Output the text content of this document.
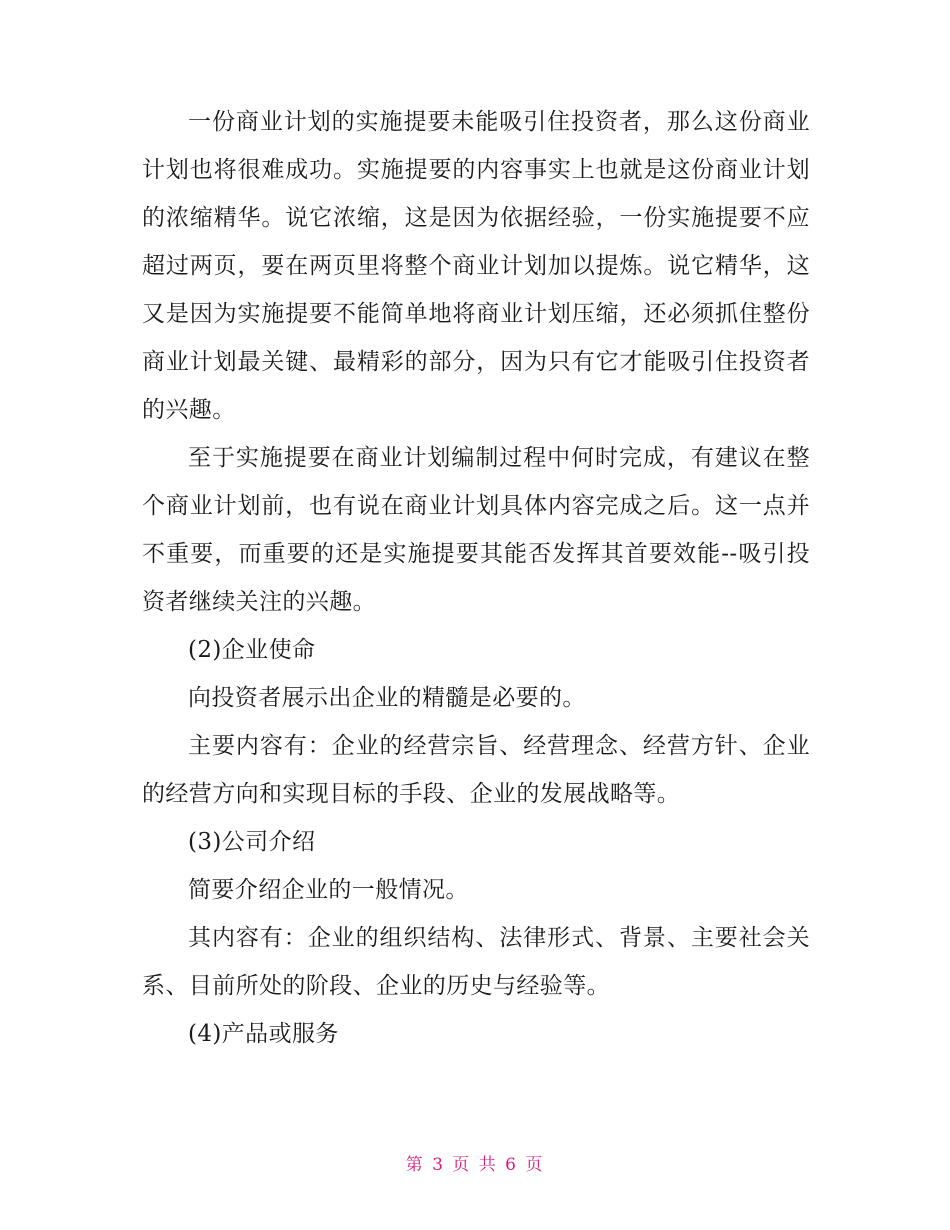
一份商业计划的实施提要未能吸引住投资者，那么这份商业计划也将很难成功。实施提要的内容事实上也就是这份商业计划的浓缩精华。说它浓缩，这是因为依据经验，一份实施提要不应超过两页，要在两页里将整个商业计划加以提炼。说它精华，这又是因为实施提要不能简单地将商业计划压缩，还必须抓住整份商业计划最关键、最精彩的部分，因为只有它才能吸引住投资者的兴趣。

至于实施提要在商业计划编制过程中何时完成，有建议在整个商业计划前，也有说在商业计划具体内容完成之后。这一点并不重要，而重要的还是实施提要其能否发挥其首要效能--吸引投资者继续关注的兴趣。

(2)企业使命

向投资者展示出企业的精髓是必要的。

主要内容有：企业的经营宗旨、经营理念、经营方针、企业的经营方向和实现目标的手段、企业的发展战略等。

(3)公司介绍

简要介绍企业的一般情况。

其内容有：企业的组织结构、法律形式、背景、主要社会关系、目前所处的阶段、企业的历史与经验等。

(4)产品或服务

第 3 页 共 6 页
